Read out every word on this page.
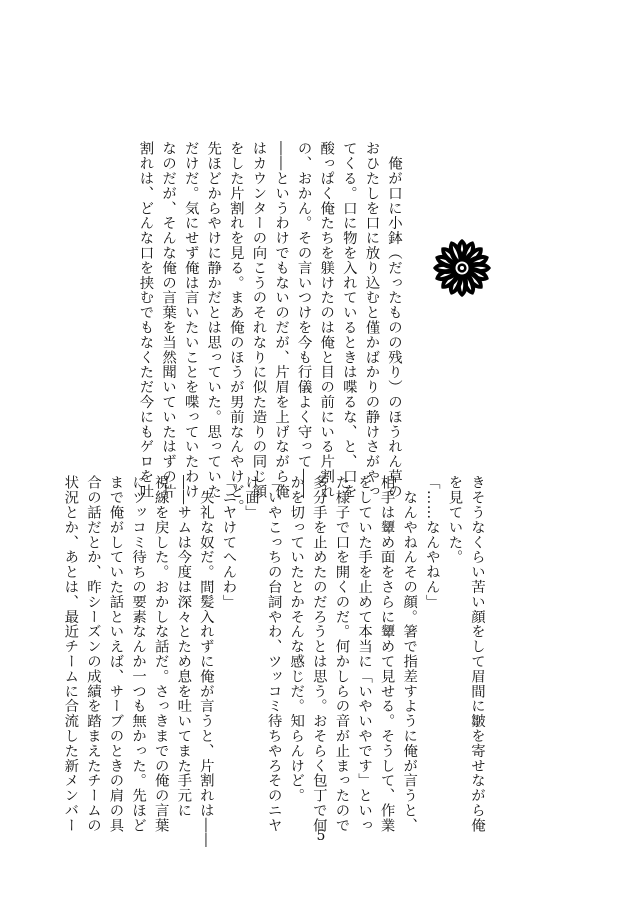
　俺が口に小鉢（だったものの残り）のほうれん草の

おひたしを口に放り込むと僅かばかりの静けさがやっ

てくる。口に物を入れているときは喋るな、と、口を

酸っぱく俺たちを躾けたのは俺と目の前にいる片割れ

の、おかん。その言いつけを今も行儀よく守って――

――というわけでもないのだが、片眉を上げながら俺

はカウンターの向こうのそれなりに似た造りの同じ顔

をした片割れを見る。まあ俺のほうが男前なんやけど。

先ほどからやけに静かだとは思っていた。思っていた

だけだ。気にせず俺は言いたいことを喋っていたわけ

なのだが、そんな俺の言葉を当然聞いていたはずの片

割れは、どんな口を挟むでもなくただ今にもゲロを吐

きそうなくらい苦い顔をして眉間に皺を寄せながら俺

を見ていた。

「……なんやねん」

　なんやねんその顔。箸で指差すように俺が言うと、

相手は顰め面をさらに顰めて見せる。そうして、作業

をしていた手を止めて本当に「いやいやです」といっ

た様子で口を開くのだ。何かしらの音が止まったので

多分手を止めたのだろうとは思う。おそらく包丁で何

かを切っていたとかそんな感じだ。知らんけど。

「いやこっちの台詞やわ、ツッコミ待ちやろそのニヤ

け面」

「ニヤけてへんわ」

　失礼な奴だ。間髪入れずに俺が言うと、片割れは――

――サムは今度は深々とため息を吐いてまた手元に

視線を戻した。おかしな話だ。さっきまでの俺の言葉

にツッコミ待ちの要素なんか一つも無かった。先ほど

まで俺がしていた話といえば、サーブのときの肩の具

合の話だとか、昨シーズンの成績を踏まえたチームの

状況とか、あとは、最近チームに合流した新メンバー

5
